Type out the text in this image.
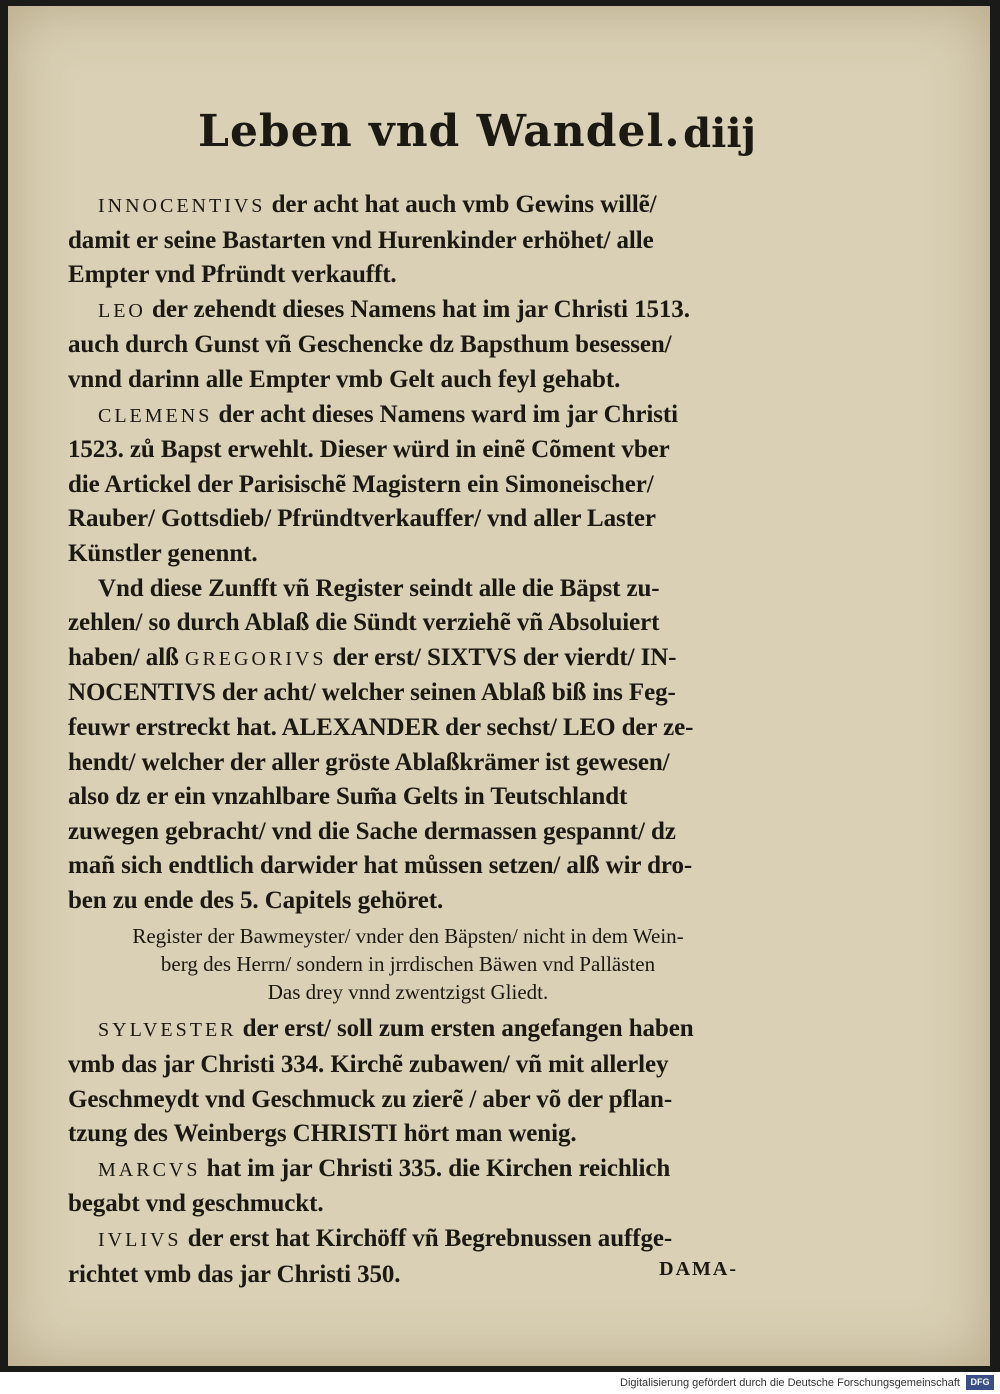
Leben vnd Wandel. diij
INNOCENTIVS der acht hat auch vmb Gewins willẽ/
damit er seine Bastarten vnd Hurenkinder erhöhet/ alle
Empter vnd Pfründt verkaufft.
LEO der zehendt dieses Namens hat im jar Christi 1513.
auch durch Gunst vñ Geschencke dz Bapsthum besessen/
vnnd darinn alle Empter vmb Gelt auch feyl gehabt.
CLEMENS der acht dieses Namens ward im jar Christi
1523. zů Bapst erwehlt. Dieser würd in einẽ Cõment vber
die Artickel der Parisischẽ Magistern ein Simoneischer/
Rauber/ Gottsdieb/ Pfründtverkauffer/ vnd aller Laster
Künstler genennt.
Vnd diese Zunfft vñ Register seindt alle die Bäpst zu-
zehlen/ so durch Ablaß die Sündt verziehẽ vñ Absoluiert
haben/ alß GREGORIVS der erst/ SIXTVS der vierdt/ IN-
NOCENTIVS der acht/ welcher seinen Ablaß biß ins Feg-
feuwr erstreckt hat. ALEXANDER der sechst/ LEO der ze-
hendt/ welcher der aller gröste Ablaßkrämer ist gewesen/
also dz er ein vnzahlbare Sum̃a Gelts in Teutschlandt
zuwegen gebracht/ vnd die Sache dermassen gespannt/ dz
mañ sich endtlich darwider hat můssen setzen/ alß wir dro-
ben zu ende des 5. Capitels gehöret.
Register der Bawmeyster/ vnder den Bäpsten/ nicht in dem Wein-
berg des Herrn/ sondern in jrrdischen Bäwen vnd Pallästen
Das drey vnnd zwentzigst Gliedt.
SYLVESTER der erst/ soll zum ersten angefangen haben
vmb das jar Christi 334. Kirchẽ zubawen/ vñ mit allerley
Geschmeydt vnd Geschmuck zu zierẽ / aber võ der pflan-
tzung des Weinbergs CHRISTI hört man wenig.
MARCVS hat im jar Christi 335. die Kirchen reichlich
begabt vnd geschmuckt.
IVLIVS der erst hat Kirchöff vñ Begrebnussen auffge-
richtet vmb das jar Christi 350.	DAMA-
Digitalisierung gefördert durch die Deutsche Forschungsgemeinschaft	DFG
